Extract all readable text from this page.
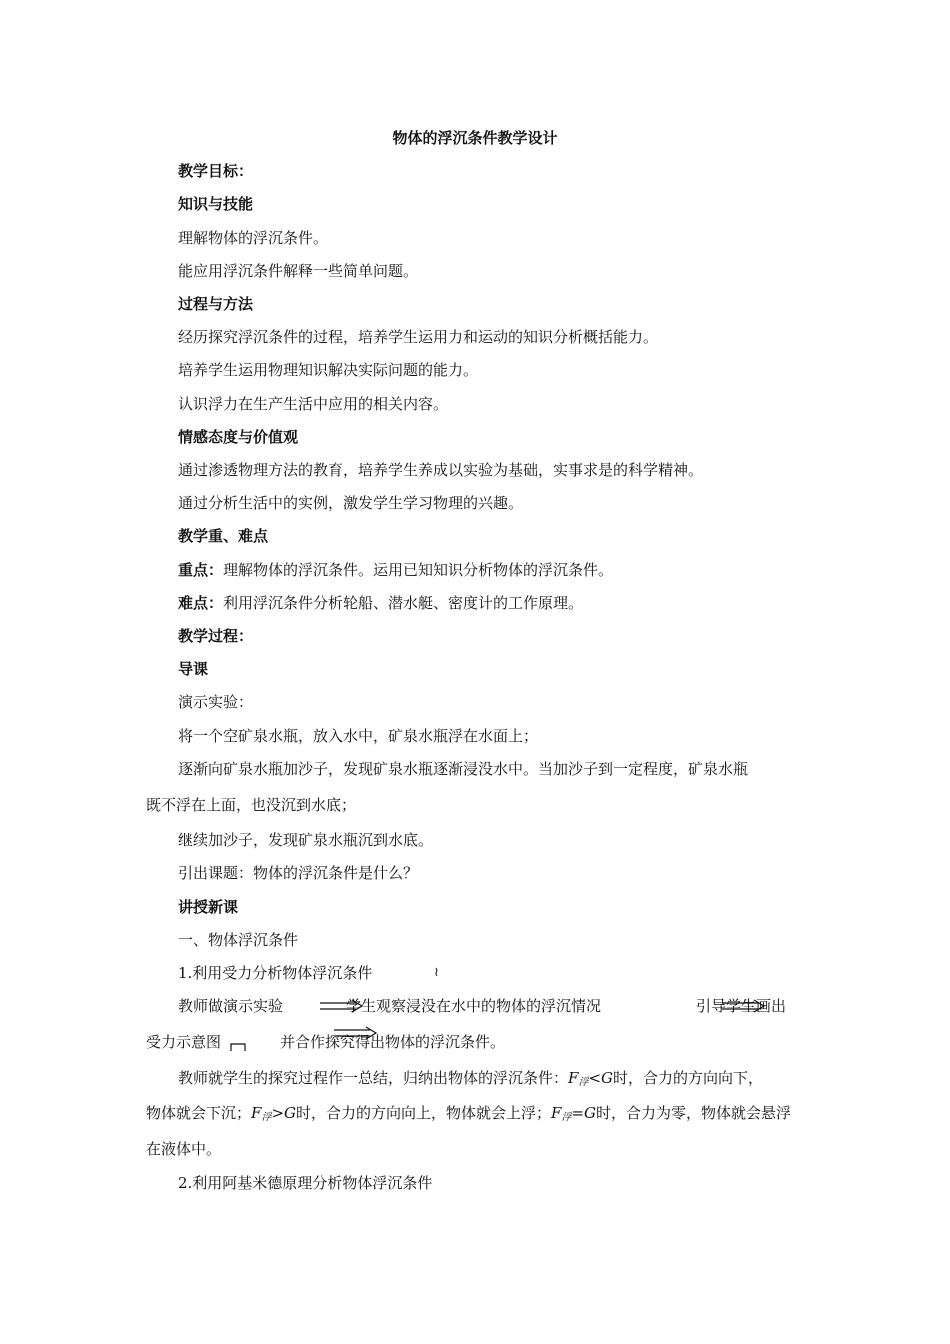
物体的浮沉条件教学设计
教学目标：
知识与技能
理解物体的浮沉条件。
能应用浮沉条件解释一些简单问题。
过程与方法
经历探究浮沉条件的过程，培养学生运用力和运动的知识分析概括能力。
培养学生运用物理知识解决实际问题的能力。
认识浮力在生产生活中应用的相关内容。
情感态度与价值观
通过渗透物理方法的教育，培养学生养成以实验为基础，实事求是的科学精神。
通过分析生活中的实例，激发学生学习物理的兴趣。
教学重、难点
重点：理解物体的浮沉条件。运用已知知识分析物体的浮沉条件。
难点：利用浮沉条件分析轮船、潜水艇、密度计的工作原理。
教学过程：
导课
演示实验：
将一个空矿泉水瓶，放入水中，矿泉水瓶浮在水面上；
逐渐向矿泉水瓶加沙子，发现矿泉水瓶逐渐浸没水中。当加沙子到一定程度，矿泉水瓶
既不浮在上面，也没沉到水底；
继续加沙子，发现矿泉水瓶沉到水底。
引出课题：物体的浮沉条件是什么？
讲授新课
一、物体浮沉条件
1.利用受力分析物体浮沉条件	≀
教师做演示实验	学生观察浸没在水中的物体的浮沉情况	引导学生画出
受力示意图	并合作探究得出物体的浮沉条件。
教师就学生的探究过程作一总结，归纳出物体的浮沉条件：$F_浮<G$时，合力的方向向下，
物体就会下沉；$F_浮>G$时，合力的方向向上，物体就会上浮；$F_浮=G$时，合力为零，物体就会悬浮
在液体中。
2.利用阿基米德原理分析物体浮沉条件
